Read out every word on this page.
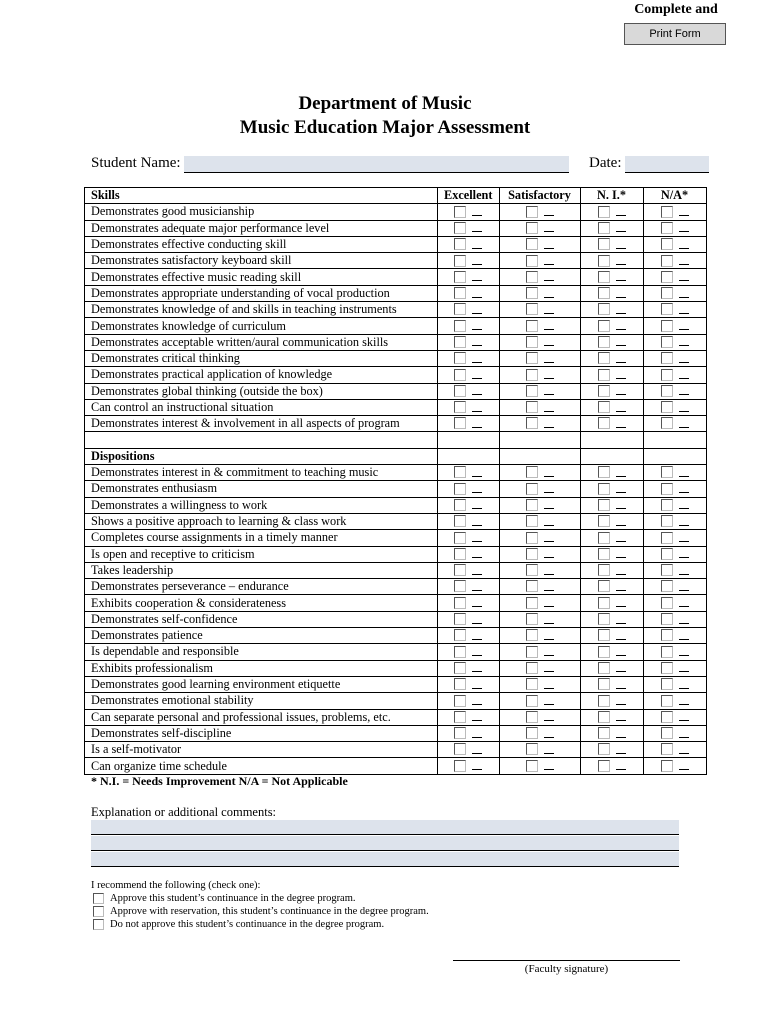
Complete and
Print Form
Department of Music
Music Education Major Assessment
Student Name:	Date:
Skills	Excellent	Satisfactory	N. I.*	N/A*
Demonstrates good musicianship				
Demonstrates adequate major performance level				
Demonstrates effective conducting skill				
Demonstrates satisfactory keyboard skill				
Demonstrates effective music reading skill				
Demonstrates appropriate understanding of vocal production				
Demonstrates knowledge of and skills in teaching instruments				
Demonstrates knowledge of curriculum				
Demonstrates acceptable written/aural communication skills				
Demonstrates critical thinking				
Demonstrates practical application of knowledge				
Demonstrates global thinking (outside the box)				
Can control an instructional situation				
Demonstrates interest & involvement in all aspects of program				

Dispositions				
Demonstrates interest in & commitment to teaching music				
Demonstrates enthusiasm				
Demonstrates a willingness to work				
Shows a positive approach to learning & class work				
Completes course assignments in a timely manner				
Is open and receptive to criticism				
Takes leadership				
Demonstrates perseverance – endurance				
Exhibits cooperation & considerateness				
Demonstrates self-confidence				
Demonstrates patience				
Is dependable and responsible				
Exhibits professionalism				
Demonstrates good learning environment etiquette				
Demonstrates emotional stability				
Can separate personal and professional issues, problems, etc.				
Demonstrates self-discipline				
Is a self-motivator				
Can organize time schedule				
* N.I. = Needs Improvement N/A = Not Applicable
Explanation or additional comments:
I recommend the following (check one):
Approve this student’s continuance in the degree program.
Approve with reservation, this student’s continuance in the degree program.
Do not approve this student’s continuance in the degree program.
(Faculty signature)
